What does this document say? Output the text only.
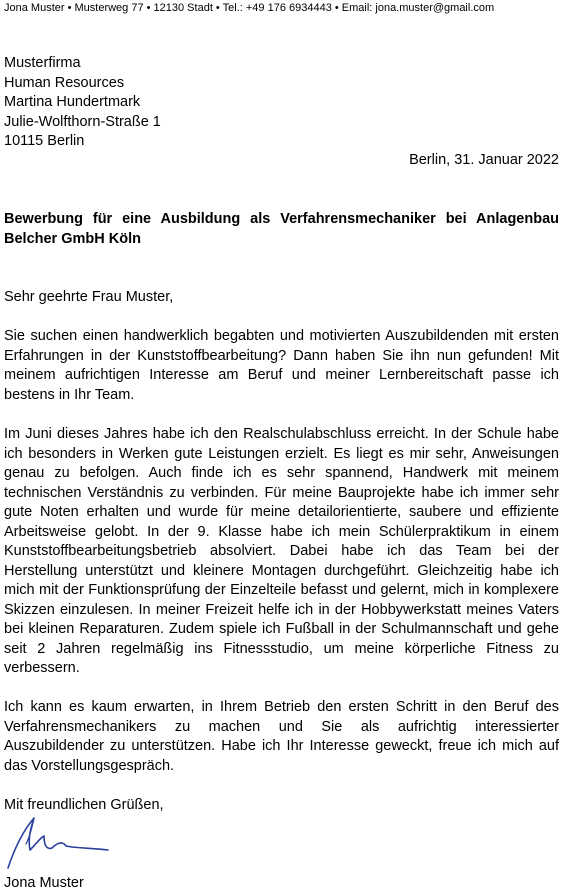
Jona Muster • Musterweg 77 • 12130 Stadt • Tel.: +49 176 6934443 • Email: jona.muster@gmail.com
Musterfirma
Human Resources
Martina Hundertmark
Julie-Wolfthorn-Straße 1
10115 Berlin
Berlin, 31. Januar 2022
Bewerbung für eine Ausbildung als Verfahrensmechaniker bei Anlagenbau Belcher GmbH Köln
Sehr geehrte Frau Muster,

Sie suchen einen handwerklich begabten und motivierten Auszubildenden mit ersten Erfahrungen in der Kunststoffbearbeitung? Dann haben Sie ihn nun gefunden! Mit meinem aufrichtigen Interesse am Beruf und meiner Lernbereitschaft passe ich bestens in Ihr Team.

Im Juni dieses Jahres habe ich den Realschulabschluss erreicht. In der Schule habe ich besonders in Werken gute Leistungen erzielt. Es liegt es mir sehr, Anweisungen genau zu befolgen. Auch finde ich es sehr spannend, Handwerk mit meinem technischen Verständnis zu verbinden. Für meine Bauprojekte habe ich immer sehr gute Noten erhalten und wurde für meine detailorientierte, saubere und effiziente Arbeitsweise gelobt. In der 9. Klasse habe ich mein Schülerpraktikum in einem Kunststoffbearbeitungsbetrieb absolviert. Dabei habe ich das Team bei der Herstellung unterstützt und kleinere Montagen durchgeführt. Gleichzeitig habe ich mich mit der Funktionsprüfung der Einzelteile befasst und gelernt, mich in komplexere Skizzen einzulesen. In meiner Freizeit helfe ich in der Hobbywerkstatt meines Vaters bei kleinen Reparaturen. Zudem spiele ich Fußball in der Schulmannschaft und gehe seit 2 Jahren regelmäßig ins Fitnessstudio, um meine körperliche Fitness zu verbessern.

Ich kann es kaum erwarten, in Ihrem Betrieb den ersten Schritt in den Beruf des Verfahrensmechanikers zu machen und Sie als aufrichtig interessierter Auszubildender zu unterstützen. Habe ich Ihr Interesse geweckt, freue ich mich auf das Vorstellungsgespräch.

Mit freundlichen Grüßen,
Jona Muster
